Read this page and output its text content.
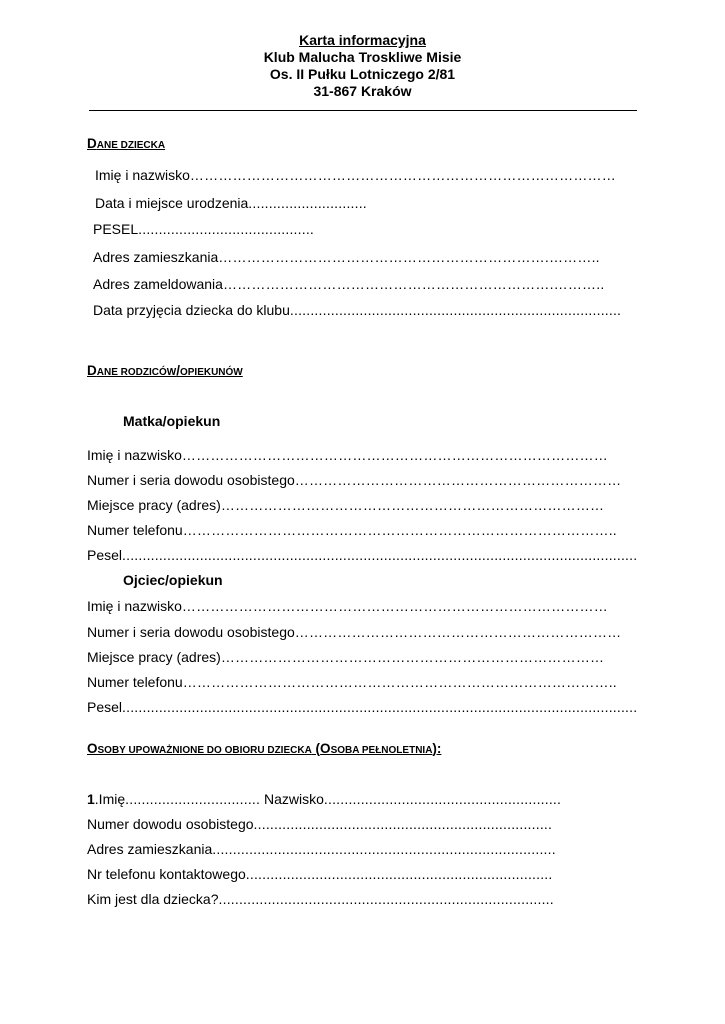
Karta informacyjna
Klub Malucha Troskliwe Misie
Os. II Pułku Lotniczego 2/81
31-867 Kraków
DANE DZIECKA
Imię i nazwisko………………………………………………………………………………
Data i miejsce urodzenia.............................
PESEL...........................................
Adres zamieszkania…………………………………………………………….………..
Adres zameldowania…………………………………………………………….………..
Data przyjęcia dziecka do klubu.................................................................................
DANE RODZICÓW/OPIEKUNÓW
Matka/opiekun
Imię i nazwisko………………………………………………………………………………
Numer i seria dowodu osobistego……………………………………………………………
Miejsce pracy (adres)………………………………………………………………………
Numer telefonu………………………………………………………………………………..
Pesel..............................................................................................................................
Ojciec/opiekun
Imię i nazwisko………………………………………………………………………………
Numer i seria dowodu osobistego……………………………………………………………
Miejsce pracy (adres)………………………………………………………………………
Numer telefonu………………………………………………………………………………..
Pesel..............................................................................................................................
OSOBY UPOWAŻNIONE DO OBIORU DZIECKA (OSOBA PEŁNOLETNIA):
1.Imię................................. Nazwisko..........................................................
Numer dowodu osobistego.........................................................................
Adres zamieszkania....................................................................................
Nr telefonu kontaktowego...........................................................................
Kim jest dla dziecka?..................................................................................
